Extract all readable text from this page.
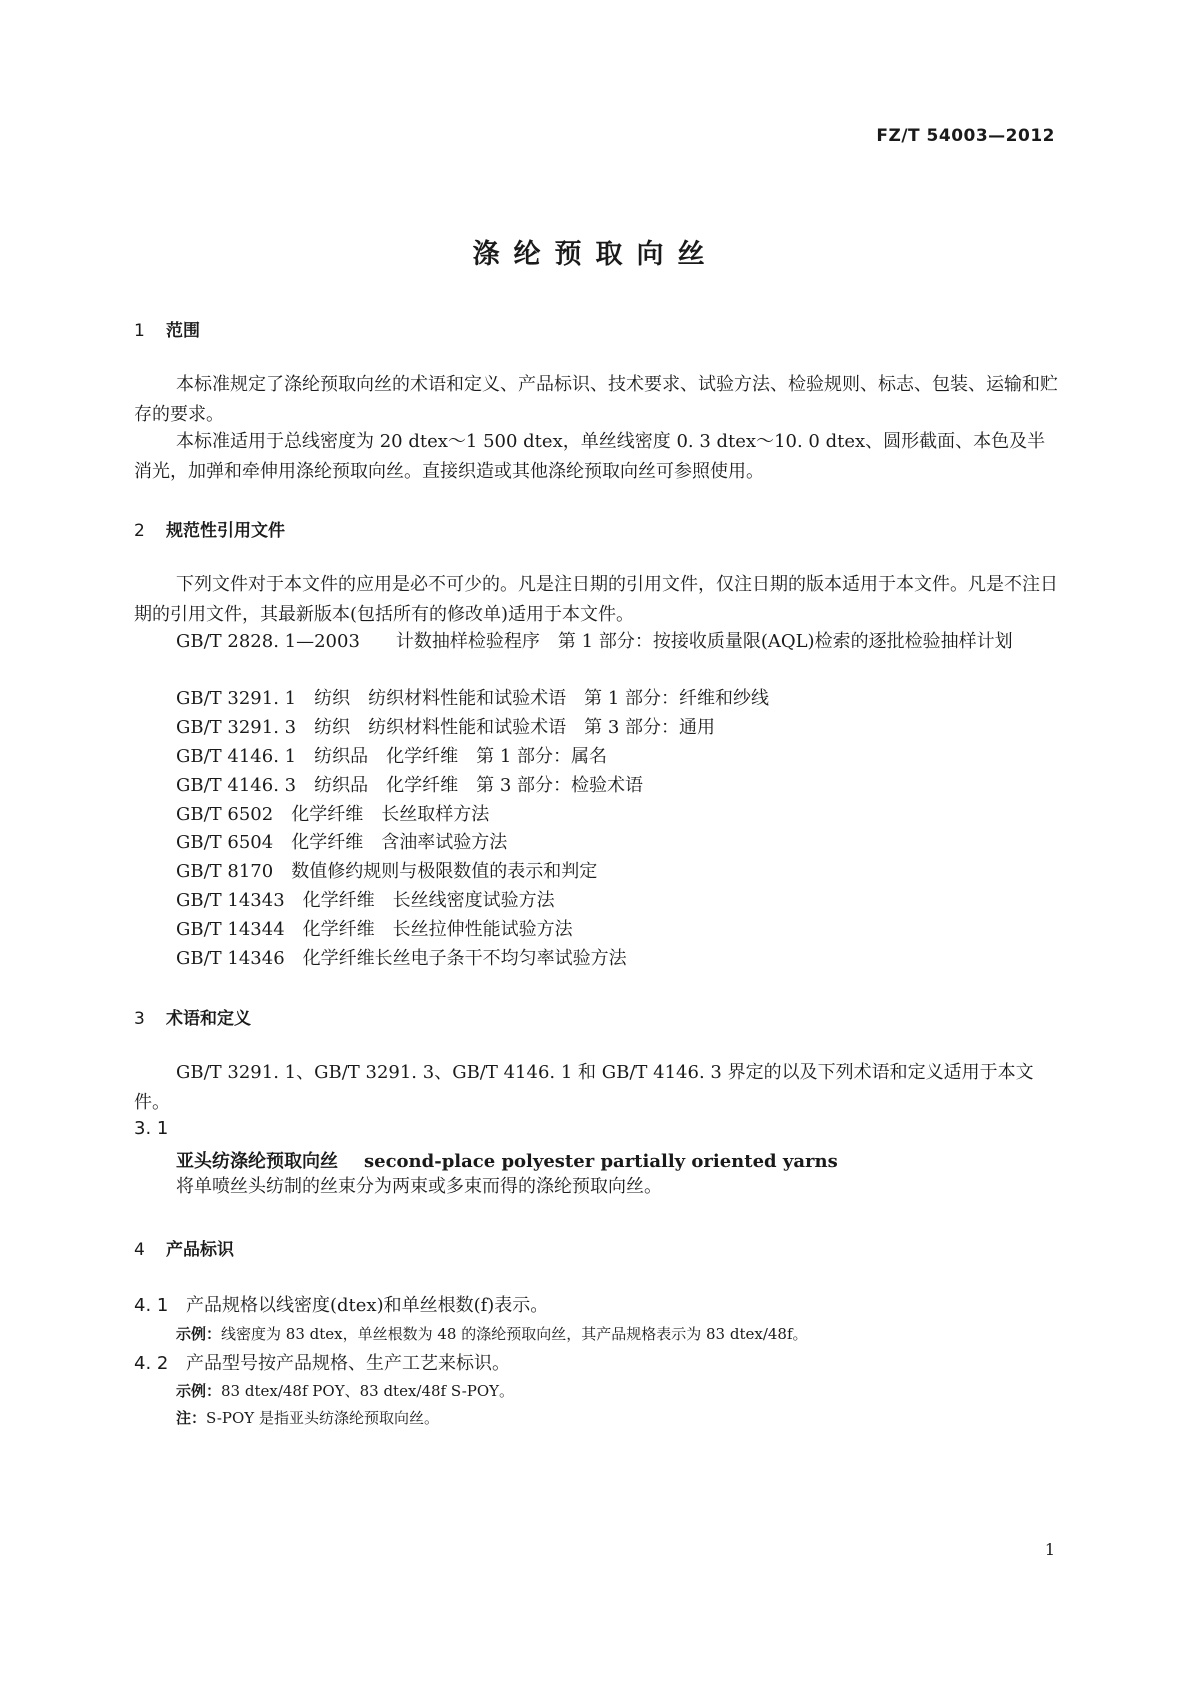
FZ/T 54003—2012
涤纶预取向丝
1 范围

本标准规定了涤纶预取向丝的术语和定义、产品标识、技术要求、试验方法、检验规则、标志、包装、运输和贮存的要求。

本标准适用于总线密度为 20 dtex～1 500 dtex，单丝线密度 0. 3 dtex～10. 0 dtex、圆形截面、本色及半消光，加弹和牵伸用涤纶预取向丝。直接织造或其他涤纶预取向丝可参照使用。

2 规范性引用文件

下列文件对于本文件的应用是必不可少的。凡是注日期的引用文件，仅注日期的版本适用于本文件。凡是不注日期的引用文件，其最新版本(包括所有的修改单)适用于本文件。

GB/T 2828. 1—2003　　 计数抽样检验程序　第 1 部分：按接收质量限(AQL)检索的逐批检验抽样计划

GB/T 3291. 1　 纺织　纺织材料性能和试验术语　第 1 部分：纤维和纱线
GB/T 3291. 3　 纺织　纺织材料性能和试验术语　第 3 部分：通用
GB/T 4146. 1　 纺织品　化学纤维　第 1 部分：属名
GB/T 4146. 3　 纺织品　化学纤维　第 3 部分：检验术语
GB/T 6502　 化学纤维　长丝取样方法
GB/T 6504　 化学纤维　含油率试验方法
GB/T 8170　 数值修约规则与极限数值的表示和判定
GB/T 14343　 化学纤维　长丝线密度试验方法
GB/T 14344　 化学纤维　长丝拉伸性能试验方法
GB/T 14346　 化学纤维长丝电子条干不均匀率试验方法
3 术语和定义

GB/T 3291. 1、GB/T 3291. 3、GB/T 4146. 1 和 GB/T 4146. 3 界定的以及下列术语和定义适用于本文件。

3. 1
亚头纺涤纶预取向丝 second-place polyester partially oriented yarns
将单喷丝头纺制的丝束分为两束或多束而得的涤纶预取向丝。
4 产品标识
4. 1 产品规格以线密度(dtex)和单丝根数(f)表示。
示例：线密度为 83 dtex，单丝根数为 48 的涤纶预取向丝，其产品规格表示为 83 dtex/48f。
4. 2 产品型号按产品规格、生产工艺来标识。
示例：83 dtex/48f POY、83 dtex/48f S-POY。
注：S-POY 是指亚头纺涤纶预取向丝。
1
